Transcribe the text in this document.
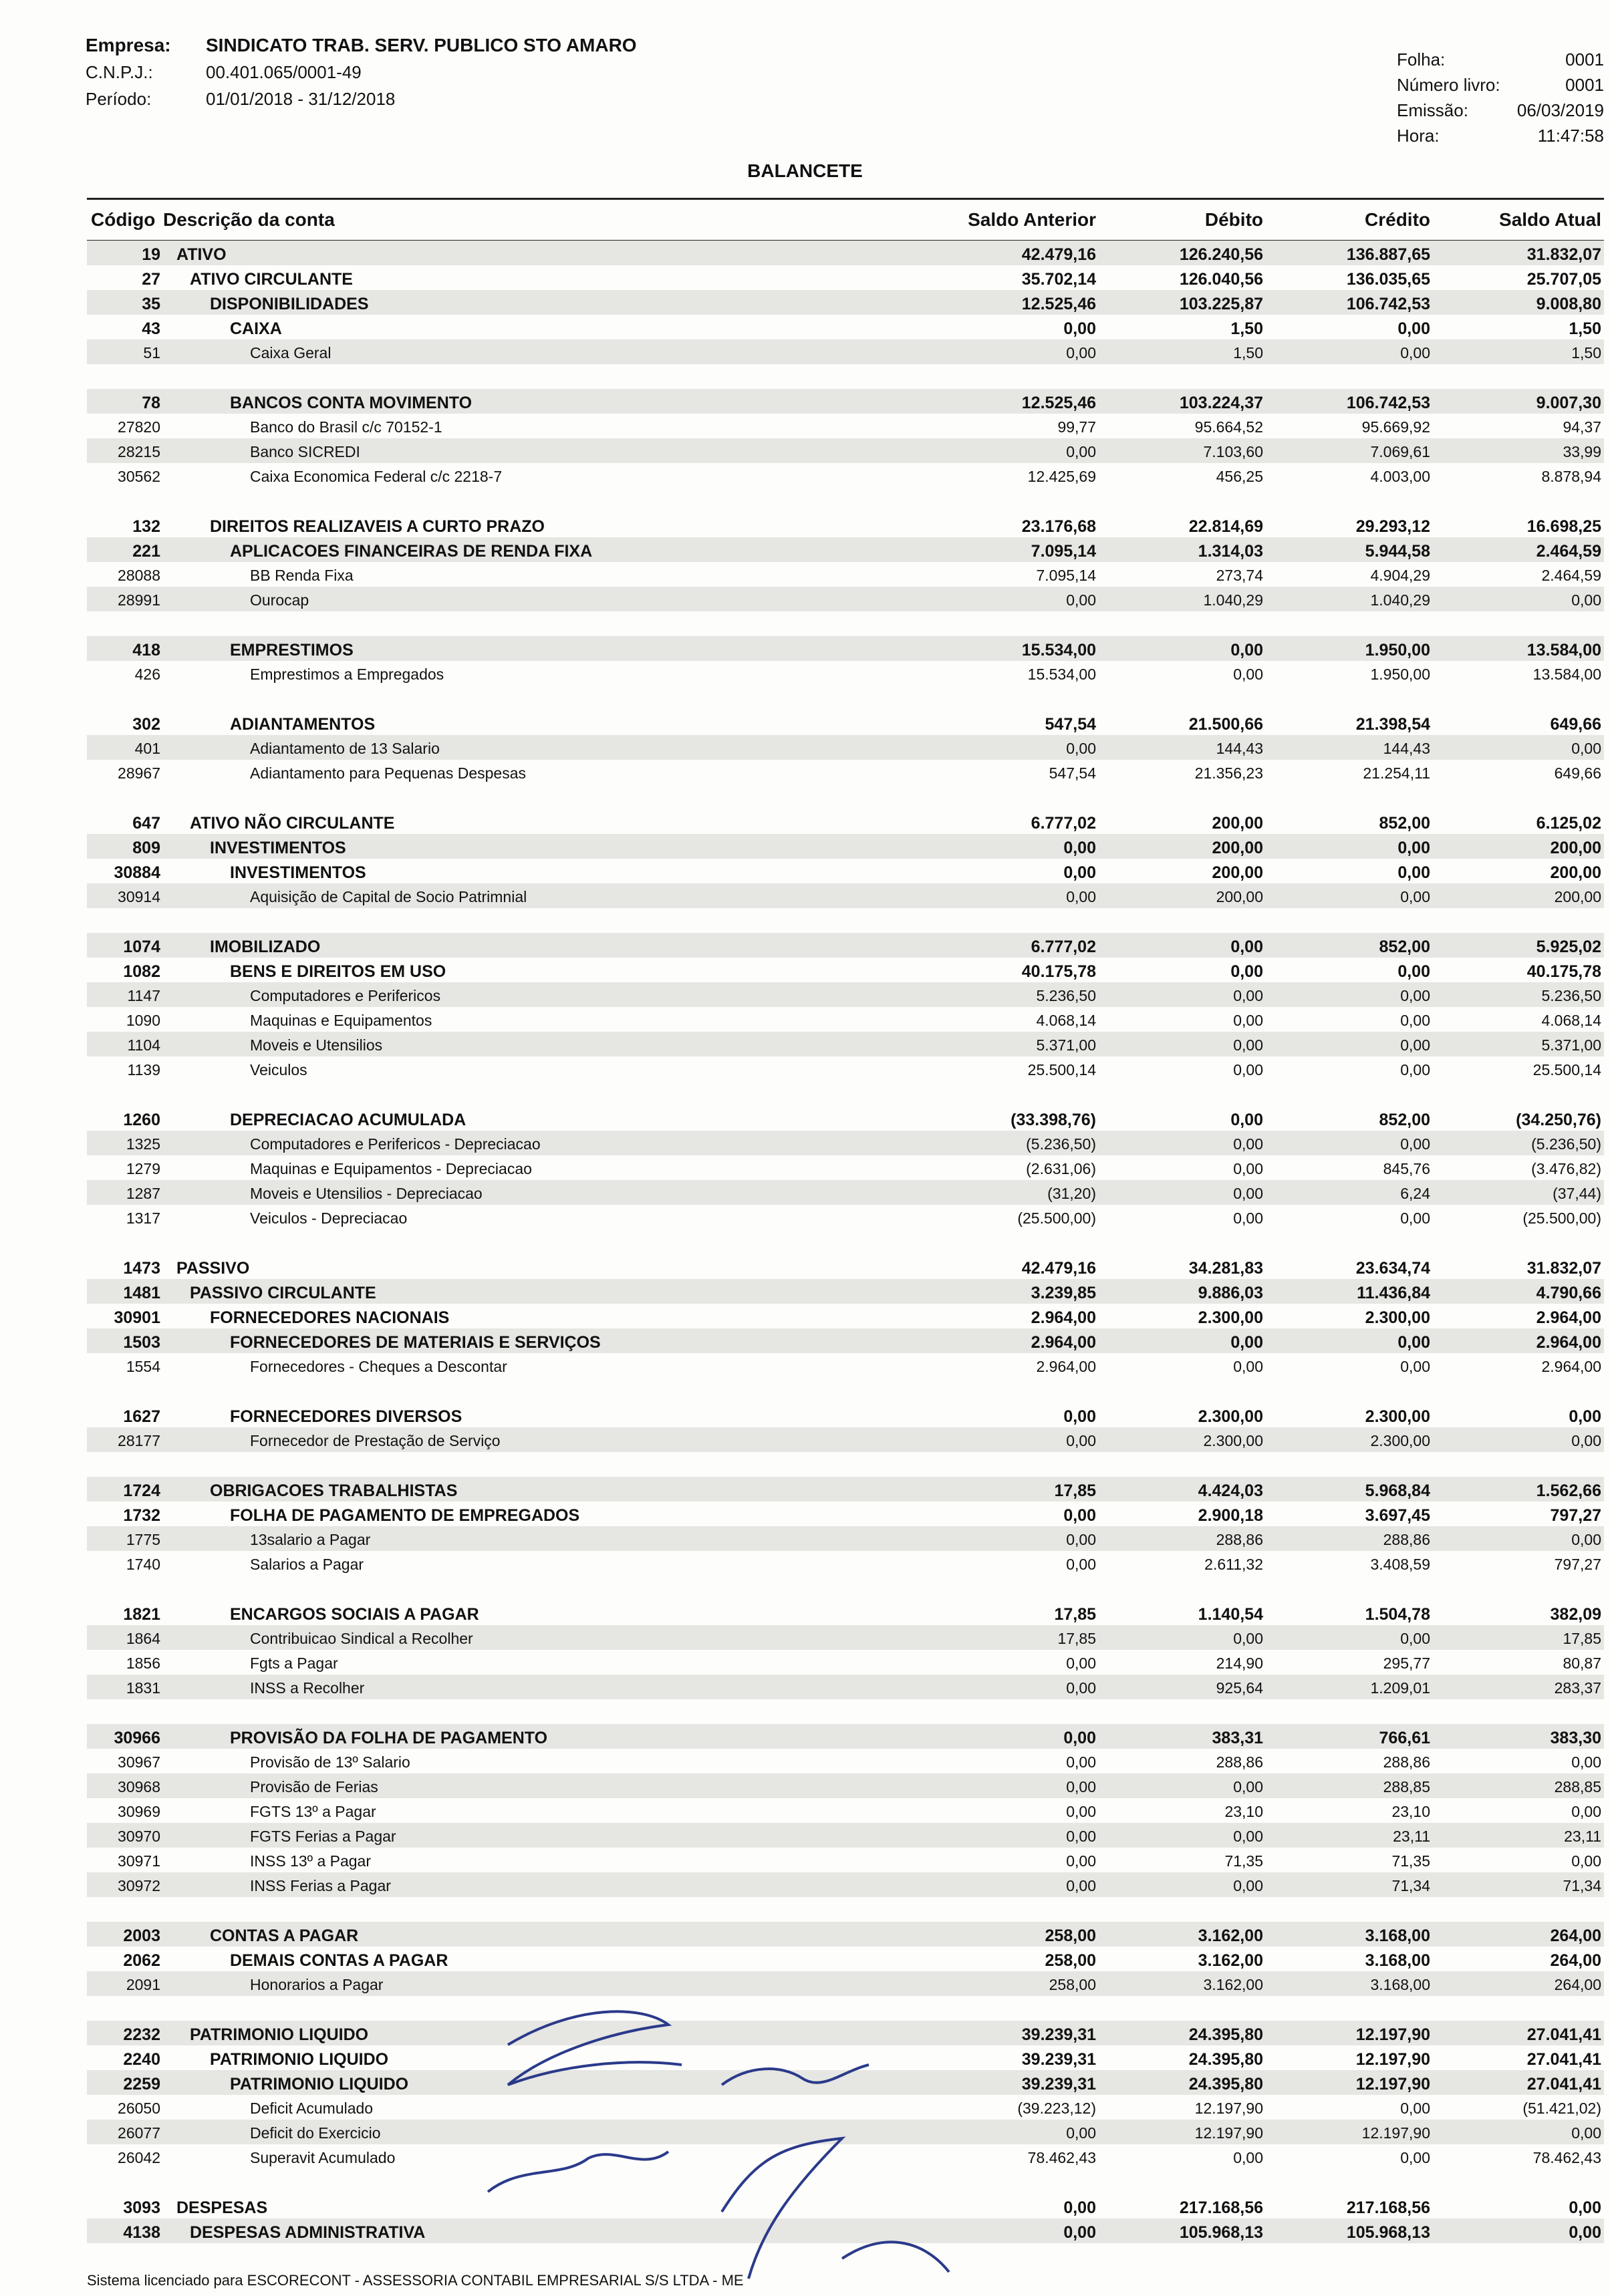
Empresa:	SINDICATO TRAB. SERV. PUBLICO STO AMARO
C.N.P.J.:	00.401.065/0001-49
Período:	01/01/2018 - 31/12/2018
Folha:	0001
Número livro:	0001
Emissão:	06/03/2019
Hora:	11:47:58
BALANCETE
Código Descrição da conta	Saldo Anterior	Débito	Crédito	Saldo Atual
19 ATIVO	42.479,16	126.240,56	136.887,65	31.832,07
27 ATIVO CIRCULANTE	35.702,14	126.040,56	136.035,65	25.707,05
35	DISPONIBILIDADES	12.525,46	103.225,87	106.742,53	9.008,80
43	CAIXA	0,00	1,50	0,00	1,50
51	Caixa Geral	0,00	1,50	0,00	1,50
78	BANCOS CONTA MOVIMENTO	12.525,46	103.224,37	106.742,53	9.007,30
27820	Banco do Brasil c/c 70152-1	99,77	95.664,52	95.669,92	94,37
28215	Banco SICREDI	0,00	7.103,60	7.069,61	33,99
30562	Caixa Economica Federal c/c 2218-7	12.425,69	456,25	4.003,00	8.878,94
132	DIREITOS REALIZAVEIS A CURTO PRAZO	23.176,68	22.814,69	29.293,12	16.698,25
221	APLICACOES FINANCEIRAS DE RENDA FIXA	7.095,14	1.314,03	5.944,58	2.464,59
28088	BB Renda Fixa	7.095,14	273,74	4.904,29	2.464,59
28991	Ourocap	0,00	1.040,29	1.040,29	0,00
418	EMPRESTIMOS	15.534,00	0,00	1.950,00	13.584,00
426	Emprestimos a Empregados	15.534,00	0,00	1.950,00	13.584,00
302	ADIANTAMENTOS	547,54	21.500,66	21.398,54	649,66
401	Adiantamento de 13 Salario	0,00	144,43	144,43	0,00
28967	Adiantamento para Pequenas Despesas	547,54	21.356,23	21.254,11	649,66
647 ATIVO NÃO CIRCULANTE	6.777,02	200,00	852,00	6.125,02
809	INVESTIMENTOS	0,00	200,00	0,00	200,00
30884	INVESTIMENTOS	0,00	200,00	0,00	200,00
30914	Aquisição de Capital de Socio Patrimnial	0,00	200,00	0,00	200,00
1074	IMOBILIZADO	6.777,02	0,00	852,00	5.925,02
1082	BENS E DIREITOS EM USO	40.175,78	0,00	0,00	40.175,78
1147	Computadores e Perifericos	5.236,50	0,00	0,00	5.236,50
1090	Maquinas e Equipamentos	4.068,14	0,00	0,00	4.068,14
1104	Moveis e Utensilios	5.371,00	0,00	0,00	5.371,00
1139	Veiculos	25.500,14	0,00	0,00	25.500,14
1260	DEPRECIACAO ACUMULADA	(33.398,76)	0,00	852,00	(34.250,76)
1325	Computadores e Perifericos - Depreciacao	(5.236,50)	0,00	0,00	(5.236,50)
1279	Maquinas e Equipamentos - Depreciacao	(2.631,06)	0,00	845,76	(3.476,82)
1287	Moveis e Utensilios - Depreciacao	(31,20)	0,00	6,24	(37,44)
1317	Veiculos - Depreciacao	(25.500,00)	0,00	0,00	(25.500,00)
1473 PASSIVO	42.479,16	34.281,83	23.634,74	31.832,07
1481 PASSIVO CIRCULANTE	3.239,85	9.886,03	11.436,84	4.790,66
30901	FORNECEDORES NACIONAIS	2.964,00	2.300,00	2.300,00	2.964,00
1503	FORNECEDORES DE MATERIAIS E SERVIÇOS	2.964,00	0,00	0,00	2.964,00
1554	Fornecedores - Cheques a Descontar	2.964,00	0,00	0,00	2.964,00
1627	FORNECEDORES DIVERSOS	0,00	2.300,00	2.300,00	0,00
28177	Fornecedor de Prestação de Serviço	0,00	2.300,00	2.300,00	0,00
1724	OBRIGACOES TRABALHISTAS	17,85	4.424,03	5.968,84	1.562,66
1732	FOLHA DE PAGAMENTO DE EMPREGADOS	0,00	2.900,18	3.697,45	797,27
1775	13salario a Pagar	0,00	288,86	288,86	0,00
1740	Salarios a Pagar	0,00	2.611,32	3.408,59	797,27
1821	ENCARGOS SOCIAIS A PAGAR	17,85	1.140,54	1.504,78	382,09
1864	Contribuicao Sindical a Recolher	17,85	0,00	0,00	17,85
1856	Fgts a Pagar	0,00	214,90	295,77	80,87
1831	INSS a Recolher	0,00	925,64	1.209,01	283,37
30966	PROVISÃO DA FOLHA DE PAGAMENTO	0,00	383,31	766,61	383,30
30967	Provisão de 13º Salario	0,00	288,86	288,86	0,00
30968	Provisão de Ferias	0,00	0,00	288,85	288,85
30969	FGTS 13º a Pagar	0,00	23,10	23,10	0,00
30970	FGTS Ferias a Pagar	0,00	0,00	23,11	23,11
30971	INSS 13º a Pagar	0,00	71,35	71,35	0,00
30972	INSS Ferias a Pagar	0,00	0,00	71,34	71,34
2003	CONTAS A PAGAR	258,00	3.162,00	3.168,00	264,00
2062	DEMAIS CONTAS A PAGAR	258,00	3.162,00	3.168,00	264,00
2091	Honorarios a Pagar	258,00	3.162,00	3.168,00	264,00
2232 PATRIMONIO LIQUIDO	39.239,31	24.395,80	12.197,90	27.041,41
2240	PATRIMONIO LIQUIDO	39.239,31	24.395,80	12.197,90	27.041,41
2259	PATRIMONIO LIQUIDO	39.239,31	24.395,80	12.197,90	27.041,41
26050	Deficit Acumulado	(39.223,12)	12.197,90	0,00	(51.421,02)
26077	Deficit do Exercicio	0,00	12.197,90	12.197,90	0,00
26042	Superavit Acumulado	78.462,43	0,00	0,00	78.462,43
3093 DESPESAS	0,00	217.168,56	217.168,56	0,00
4138 DESPESAS ADMINISTRATIVA	0,00	105.968,13	105.968,13	0,00
Sistema licenciado para ESCORECONT - ASSESSORIA CONTABIL EMPRESARIAL S/S LTDA - ME
